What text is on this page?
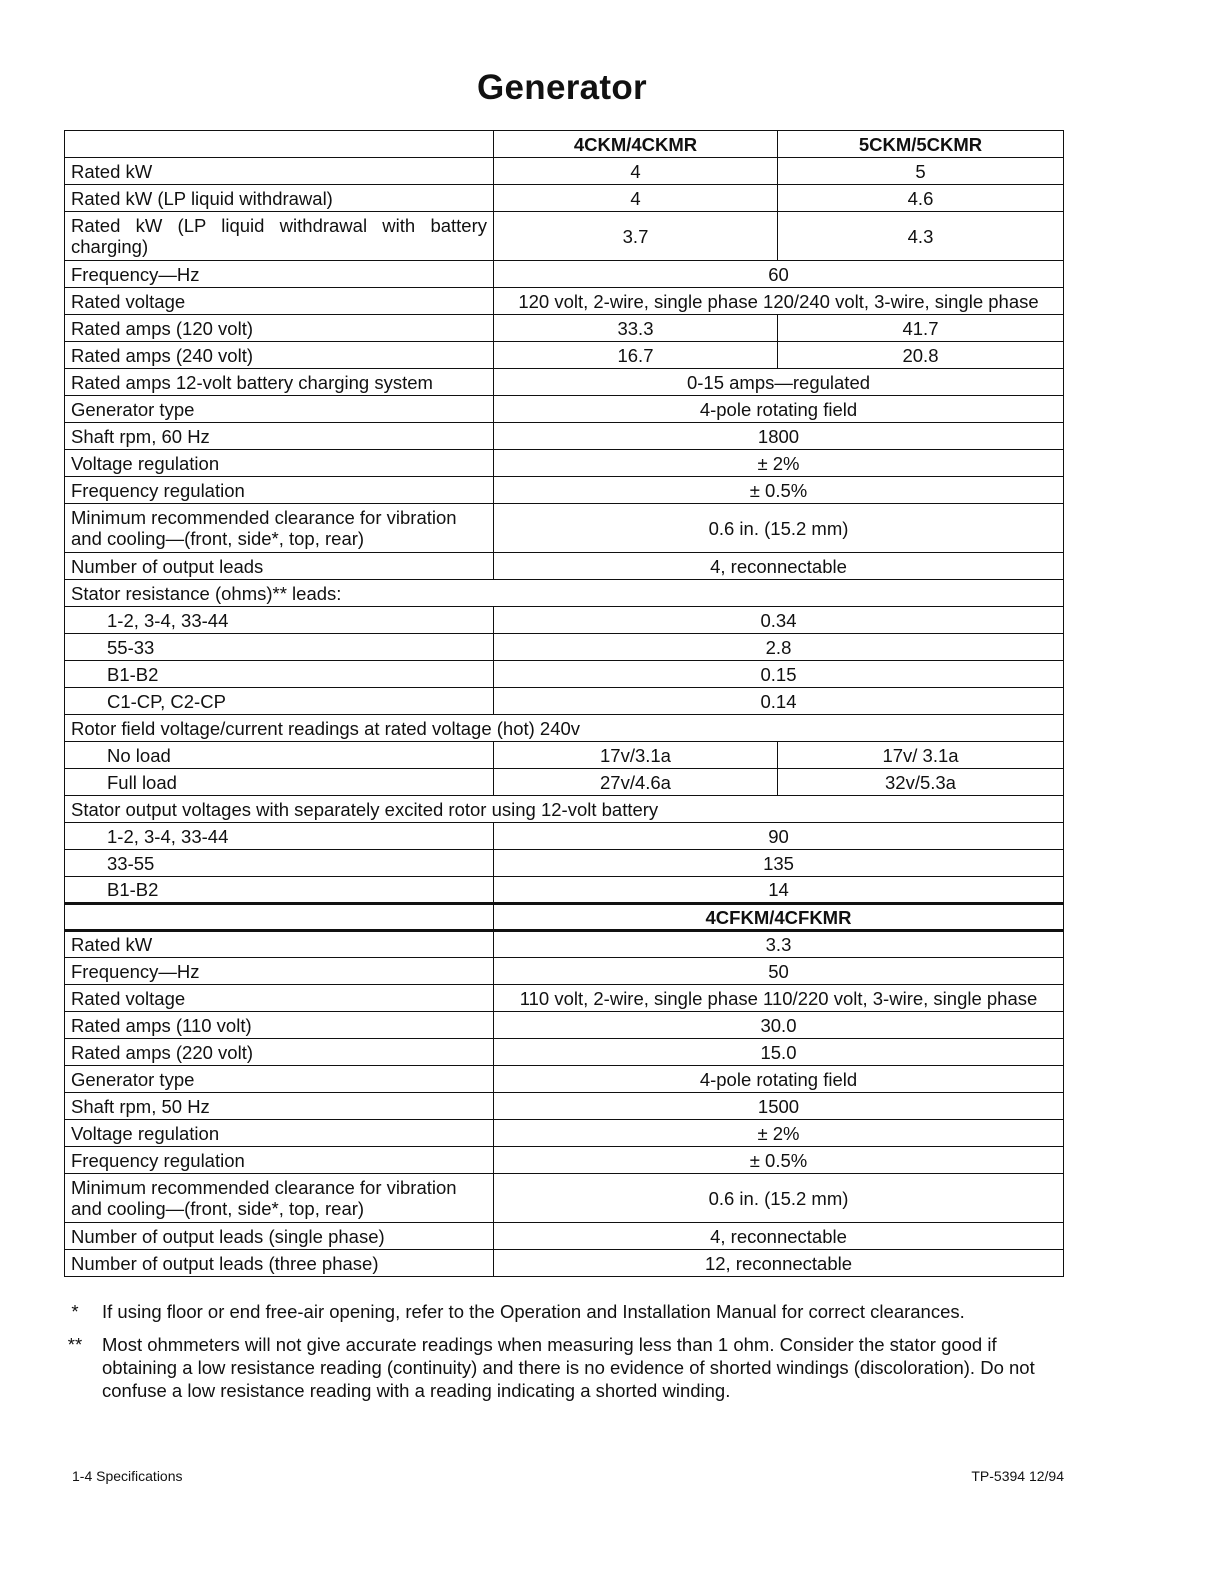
Generator
	4CKM/4CKMR	5CKM/5CKMR
Rated kW	4	5
Rated kW (LP liquid withdrawal)	4	4.6
Rated kW (LP liquid withdrawal with battery charging)	3.7	4.3
Frequency—Hz	60	
Rated voltage	120 volt, 2-wire, single phase 120/240 volt, 3-wire, single phase	
Rated amps (120 volt)	33.3	41.7
Rated amps (240 volt)	16.7	20.8
Rated amps 12-volt battery charging system	0-15 amps—regulated	
Generator type	4-pole rotating field	
Shaft rpm, 60 Hz	1800	
Voltage regulation	± 2%	
Frequency regulation	± 0.5%	
Minimum recommended clearance for vibration and cooling—(front, side*, top, rear)	0.6 in. (15.2 mm)	
Number of output leads	4, reconnectable	
Stator resistance (ohms)** leads:		
1-2, 3-4, 33-44	0.34	
55-33	2.8	
B1-B2	0.15	
C1-CP, C2-CP	0.14	
Rotor field voltage/current readings at rated voltage (hot) 240v		
No load	17v/3.1a	17v/ 3.1a
Full load	27v/4.6a	32v/5.3a
Stator output voltages with separately excited rotor using 12-volt battery		
1-2, 3-4, 33-44	90	
33-55	135	
B1-B2	14	
	4CFKM/4CFKMR	
Rated kW	3.3	
Frequency—Hz	50	
Rated voltage	110 volt, 2-wire, single phase 110/220 volt, 3-wire, single phase	
Rated amps (110 volt)	30.0	
Rated amps (220 volt)	15.0	
Generator type	4-pole rotating field	
Shaft rpm, 50 Hz	1500	
Voltage regulation	± 2%	
Frequency regulation	± 0.5%	
Minimum recommended clearance for vibration and cooling—(front, side*, top, rear)	0.6 in. (15.2 mm)	
Number of output leads (single phase)	4, reconnectable	
Number of output leads (three phase)	12, reconnectable	
*	If using floor or end free-air opening, refer to the Operation and Installation Manual for correct clearances.
**	Most ohmmeters will not give accurate readings when measuring less than 1 ohm. Consider the stator good if obtaining a low resistance reading (continuity) and there is no evidence of shorted windings (discoloration). Do not confuse a low resistance reading with a reading indicating a shorted winding.
1-4 Specifications	TP-5394 12/94
